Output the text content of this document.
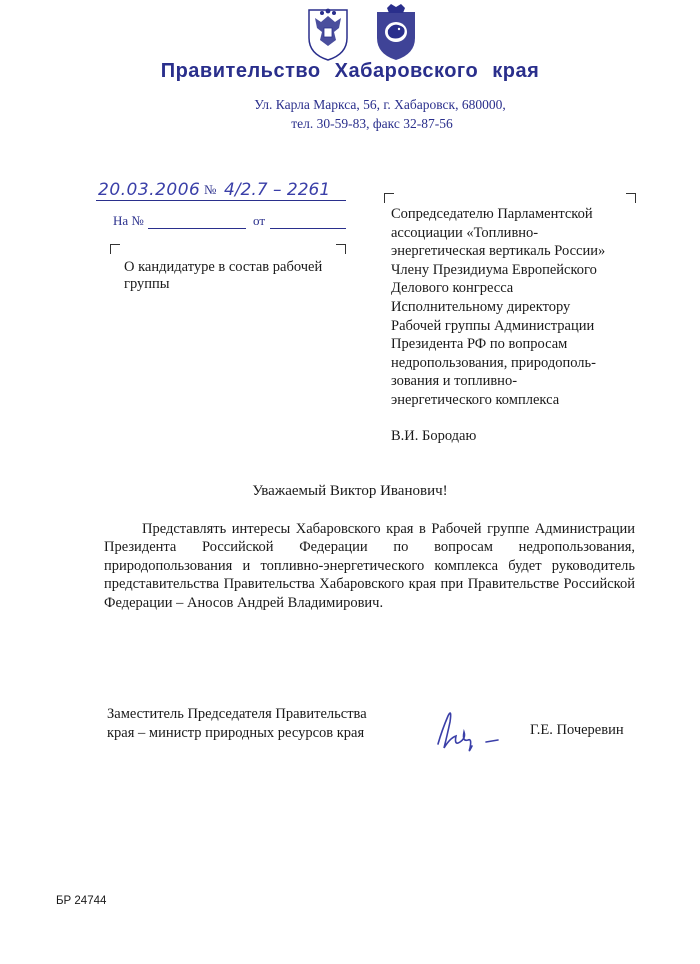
Правительство Хабаровского края
Ул. Карла Маркса, 56, г. Хабаровск, 680000,
тел. 30-59-83, факс 32-87-56
20.03.2006 № 4/2.7 – 2261
На №	от
О кандидатуре в состав рабочей группы
Сопредседателю Парламентской
ассоциации «Топливно-
энергетическая вертикаль России»
Члену Президиума Европейского
Делового конгресса
Исполнительному директору
Рабочей группы Администрации
Президента РФ по вопросам
недропользования, природополь-
зования и топливно-
энергетического комплекса
В.И. Бородаю
Уважаемый Виктор Иванович!
Представлять интересы Хабаровского края в Рабочей группе Администрации Президента Российской Федерации по вопросам недропользования, природопользования и топливно-энергетического комплекса будет руководитель представительства Правительства Хабаровского края при Правительстве Российской Федерации – Аносов Андрей Владимирович.
Заместитель Председателя Правительства
края – министр природных ресурсов края	Г.Е. Почеревин
БР 24744
